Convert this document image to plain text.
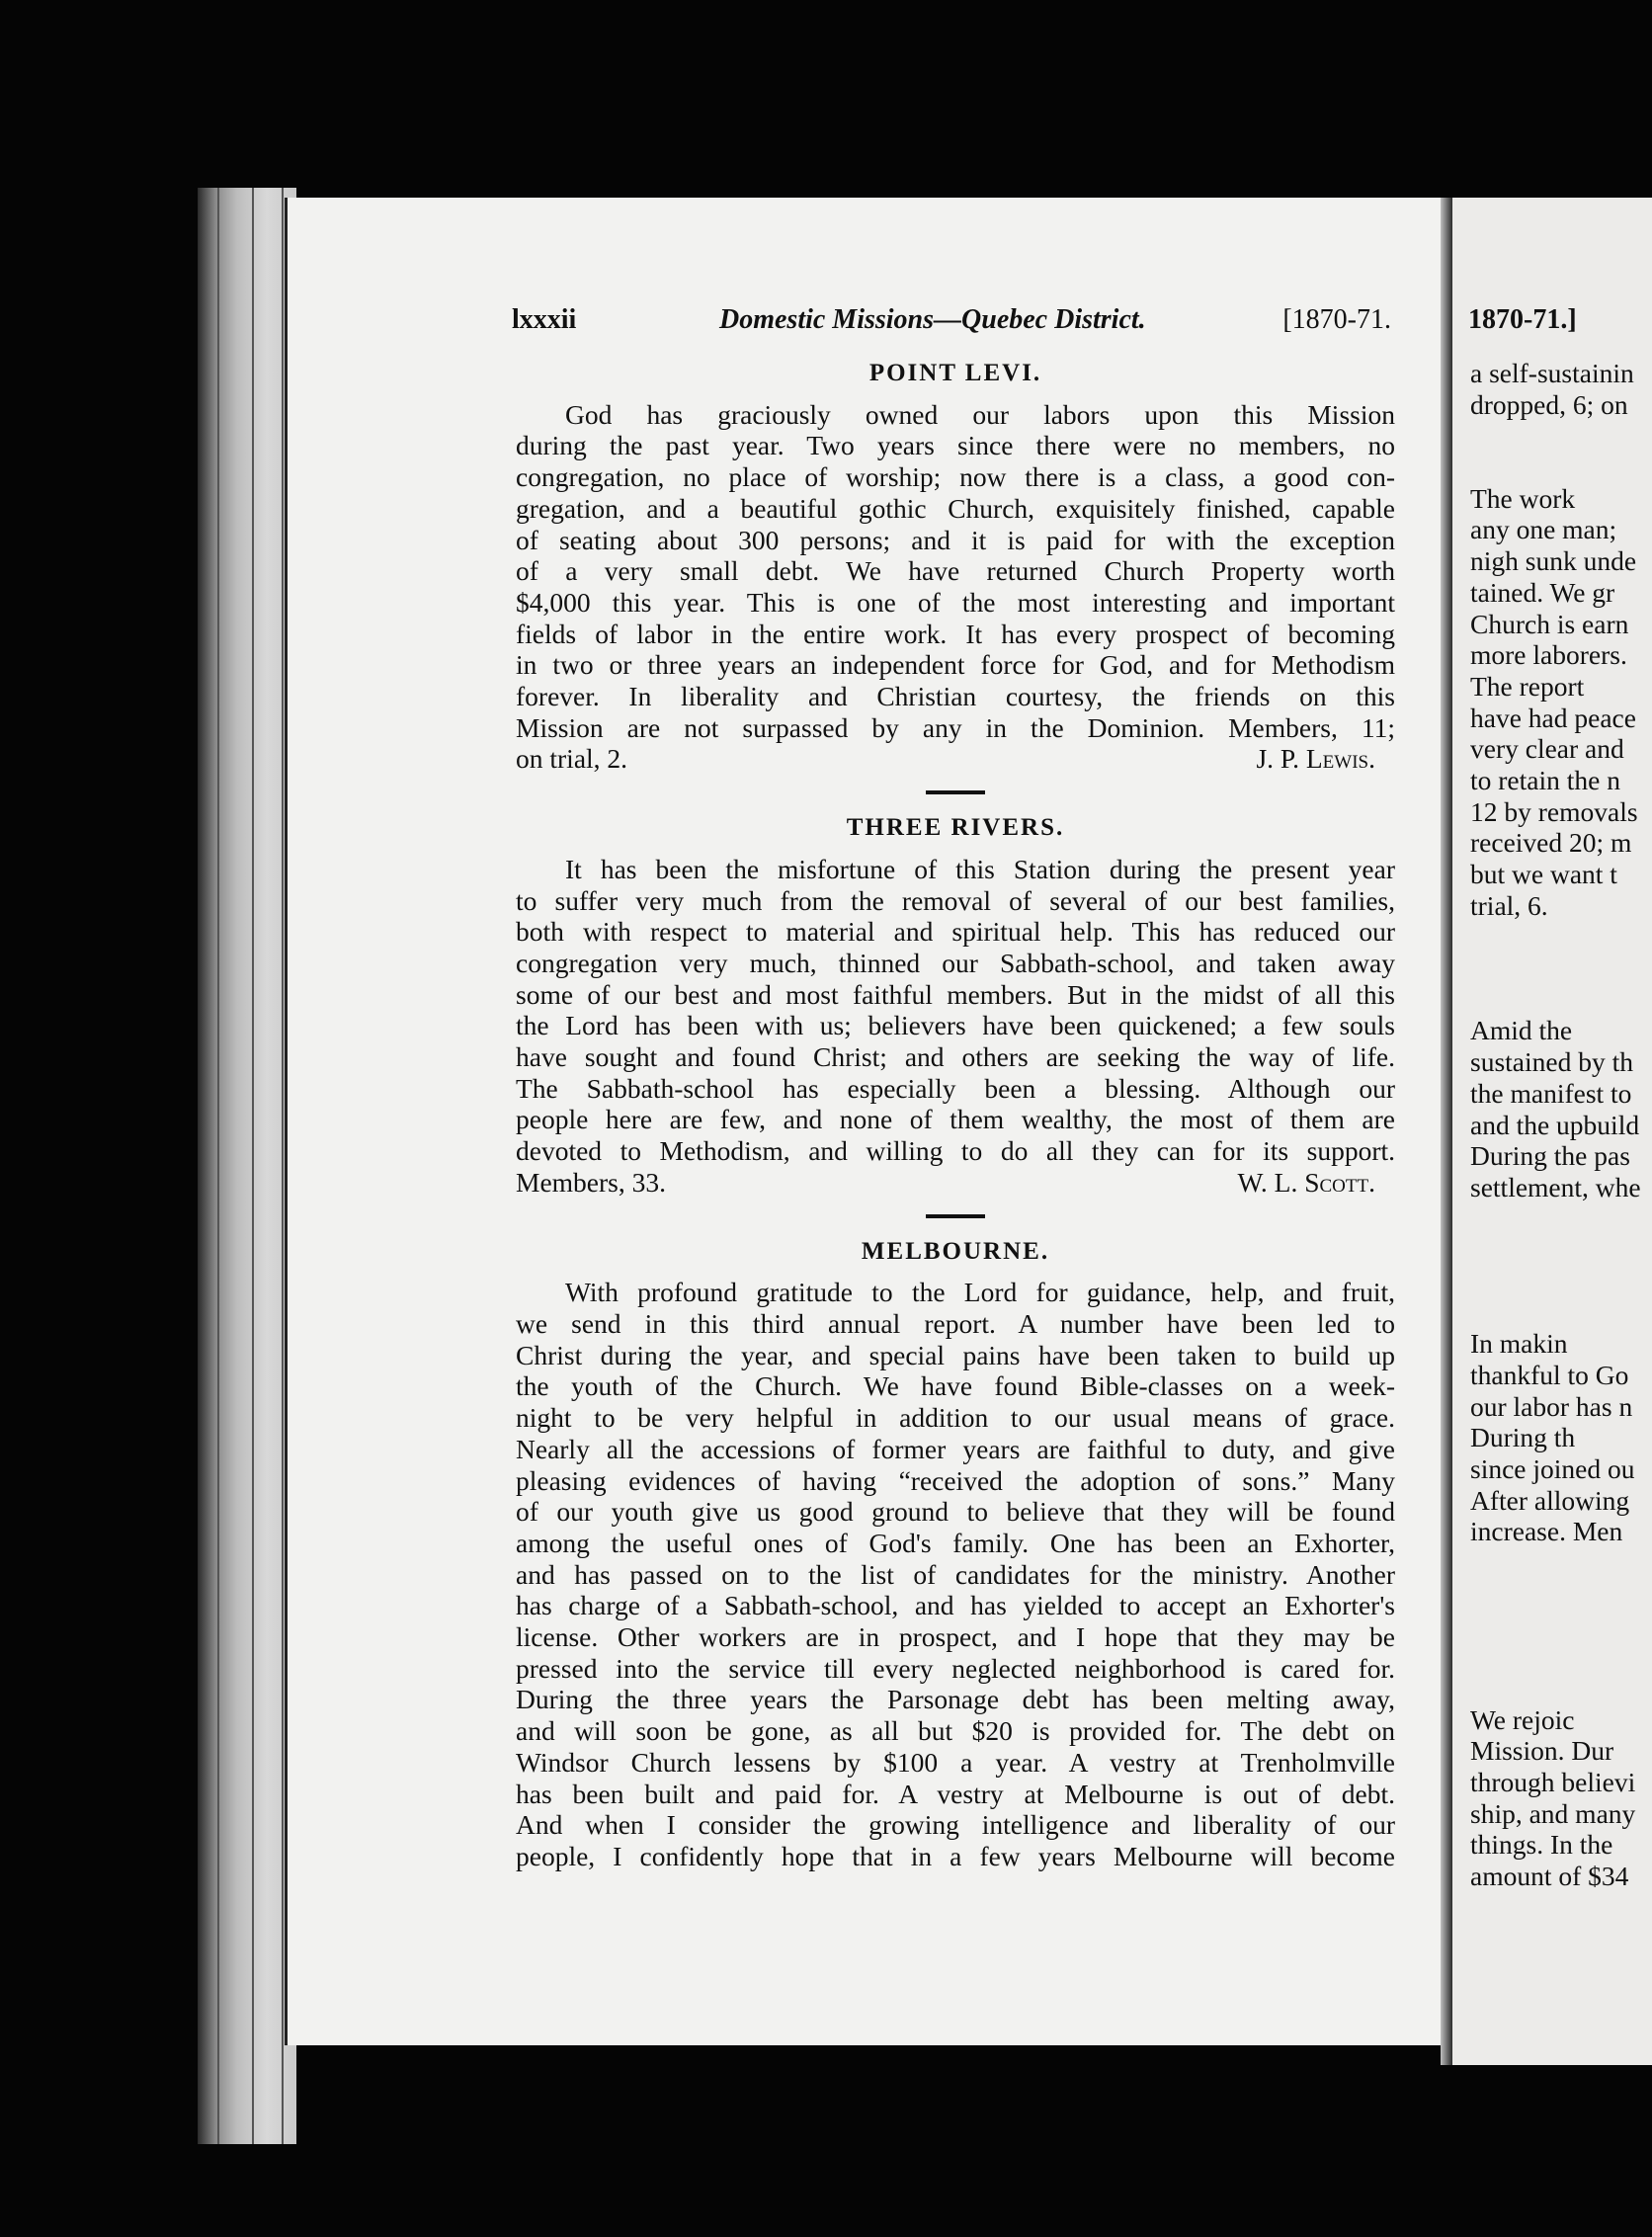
lxxxii	Domestic Missions—Quebec District.	[1870-71.
POINT LEVI.
God has graciously owned our labors upon this Mission
during the past year. Two years since there were no members, no
congregation, no place of worship; now there is a class, a good con-
gregation, and a beautiful gothic Church, exquisitely finished, capable
of seating about 300 persons; and it is paid for with the exception
of a very small debt. We have returned Church Property worth
$4,000 this year. This is one of the most interesting and important
fields of labor in the entire work. It has every prospect of becoming
in two or three years an independent force for God, and for Methodism
forever. In liberality and Christian courtesy, the friends on this
Mission are not surpassed by any in the Dominion. Members, 11;
on trial, 2.	J. P. Lewis.
THREE RIVERS.
It has been the misfortune of this Station during the present year
to suffer very much from the removal of several of our best families,
both with respect to material and spiritual help. This has reduced our
congregation very much, thinned our Sabbath-school, and taken away
some of our best and most faithful members. But in the midst of all this
the Lord has been with us; believers have been quickened; a few souls
have sought and found Christ; and others are seeking the way of life.
The Sabbath-school has especially been a blessing. Although our
people here are few, and none of them wealthy, the most of them are
devoted to Methodism, and willing to do all they can for its support.
Members, 33.	W. L. Scott.
MELBOURNE.
With profound gratitude to the Lord for guidance, help, and fruit,
we send in this third annual report. A number have been led to
Christ during the year, and special pains have been taken to build up
the youth of the Church. We have found Bible-classes on a week-
night to be very helpful in addition to our usual means of grace.
Nearly all the accessions of former years are faithful to duty, and give
pleasing evidences of having “received the adoption of sons.” Many
of our youth give us good ground to believe that they will be found
among the useful ones of God's family. One has been an Exhorter,
and has passed on to the list of candidates for the ministry. Another
has charge of a Sabbath-school, and has yielded to accept an Exhorter's
license. Other workers are in prospect, and I hope that they may be
pressed into the service till every neglected neighborhood is cared for.
During the three years the Parsonage debt has been melting away,
and will soon be gone, as all but $20 is provided for. The debt on
Windsor Church lessens by $100 a year. A vestry at Trenholmville
has been built and paid for. A vestry at Melbourne is out of debt.
And when I consider the growing intelligence and liberality of our
people, I confidently hope that in a few years Melbourne will become
1870-71.]
a self-sustainin
dropped, 6; on
The work
any one man;
nigh sunk unde
tained. We gr
Church is earn
more laborers.
The report
have had peace
very clear and
to retain the n
12 by removals
received 20; m
but we want t
trial, 6.
Amid the
sustained by th
the manifest to
and the upbuild
During the pas
settlement, whe
In makin
thankful to Go
our labor has n
During th
since joined ou
After allowing
increase. Men
We rejoic
Mission. Dur
through believi
ship, and many
things. In the
amount of $34
